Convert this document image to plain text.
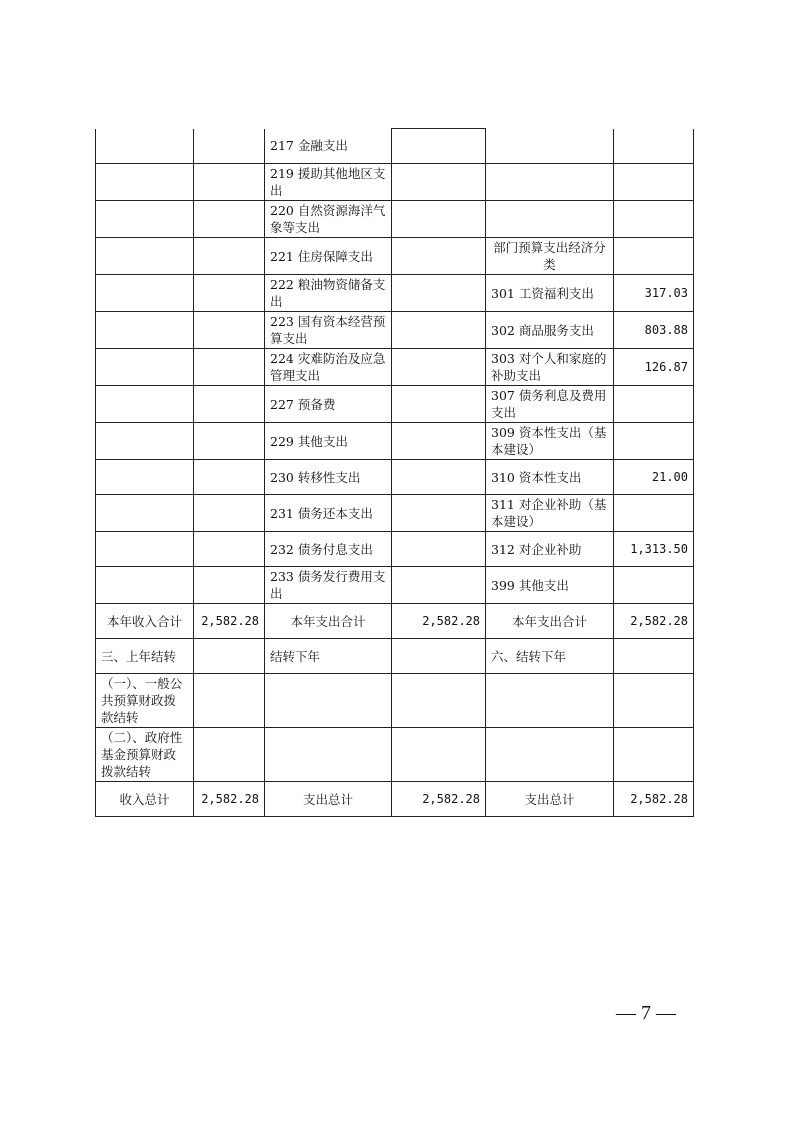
		217 金融支出			
		219 援助其他地区支出			
		220 自然资源海洋气象等支出			
		221 住房保障支出		部门预算支出经济分类	
		222 粮油物资储备支出		301 工资福利支出	317.03
		223 国有资本经营预算支出		302 商品服务支出	803.88
		224 灾难防治及应急管理支出		303 对个人和家庭的补助支出	126.87
		227 预备费		307 债务利息及费用支出	
		229 其他支出		309 资本性支出（基本建设）	
		230 转移性支出		310 资本性支出	21.00
		231 债务还本支出		311 对企业补助（基本建设）	
		232 债务付息支出		312 对企业补助	1,313.50
		233 债务发行费用支出		399 其他支出	
本年收入合计	2,582.28	本年支出合计	2,582.28	本年支出合计	2,582.28
三、上年结转		结转下年		六、结转下年	
（一）、一般公共预算财政拨款结转					
（二）、政府性基金预算财政拨款结转					
收入总计	2,582.28	支出总计	2,582.28	支出总计	2,582.28
— 7 —
